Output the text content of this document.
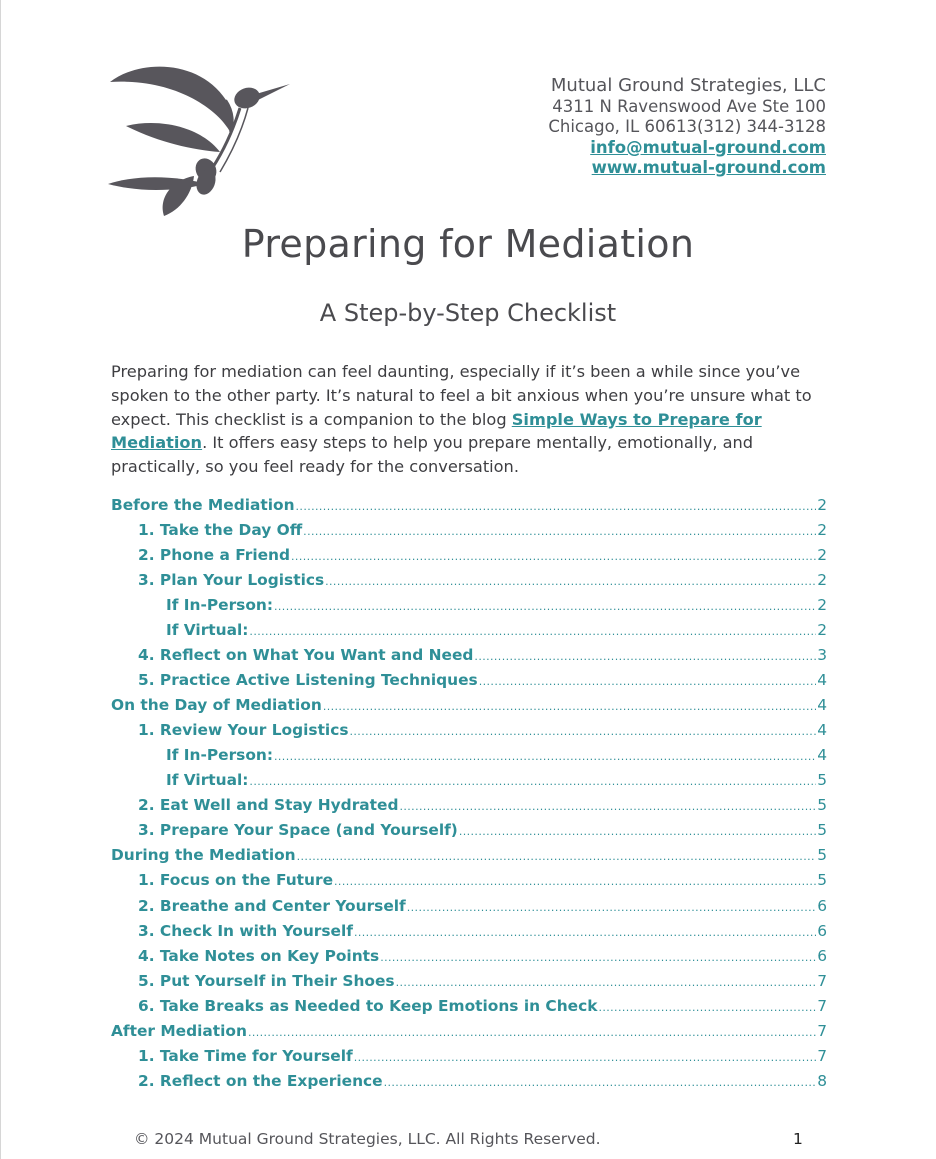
Mutual Ground Strategies, LLC
4311 N Ravenswood Ave Ste 100
Chicago, IL 60613(312) 344-3128
info@mutual-ground.com
www.mutual-ground.com
Preparing for Mediation
A Step-by-Step Checklist
Preparing for mediation can feel daunting, especially if it’s been a while since you’ve spoken to the other party. It’s natural to feel a bit anxious when you’re unsure what to expect. This checklist is a companion to the blog Simple Ways to Prepare for Mediation. It offers easy steps to help you prepare mentally, emotionally, and practically, so you feel ready for the conversation.
Before the Mediation .....	2
1. Take the Day Off .....	2
2. Phone a Friend .....	2
3. Plan Your Logistics .....	2
If In-Person: .....	2
If Virtual: .....	2
4. Reflect on What You Want and Need .....	3
5. Practice Active Listening Techniques .....	4
On the Day of Mediation .....	4
1. Review Your Logistics .....	4
If In-Person: .....	4
If Virtual: .....	5
2. Eat Well and Stay Hydrated .....	5
3. Prepare Your Space (and Yourself) .....	5
During the Mediation .....	5
1. Focus on the Future .....	5
2. Breathe and Center Yourself .....	6
3. Check In with Yourself .....	6
4. Take Notes on Key Points .....	6
5. Put Yourself in Their Shoes .....	7
6. Take Breaks as Needed to Keep Emotions in Check .....	7
After Mediation .....	7
1. Take Time for Yourself .....	7
2. Reflect on the Experience .....	8
© 2024 Mutual Ground Strategies, LLC. All Rights Reserved.	1
